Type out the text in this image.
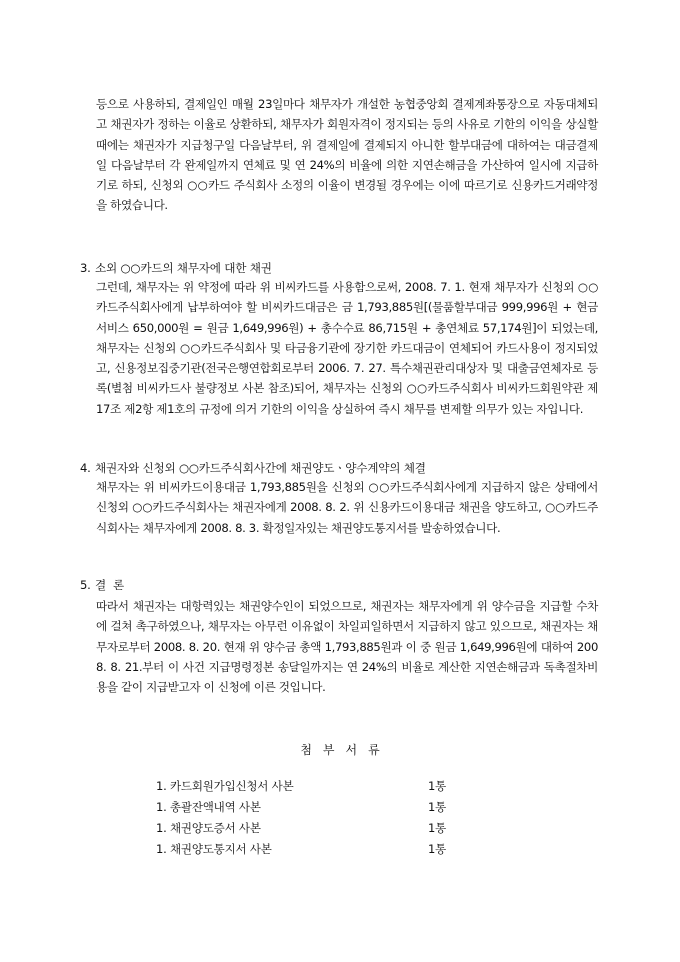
등으로 사용하되, 결제일인 매월 23일마다 채무자가 개설한 농협중앙회 결제계좌통장으로 자동대체되고 채권자가 정하는 이율로 상환하되, 채무자가 회원자격이 정지되는 등의 사유로 기한의 이익을 상실할 때에는 채권자가 지급청구일 다음날부터, 위 결제일에 결제되지 아니한 할부대금에 대하여는 대금결제일 다음날부터 각 완제일까지 연체료 및 연 24%의 비율에 의한 지연손해금을 가산하여 일시에 지급하기로 하되, 신청외 ○○카드 주식회사 소정의 이율이 변경될 경우에는 이에 따르기로 신용카드거래약정을 하였습니다.

3. 소외 ○○카드의 채무자에 대한 채권

그런데, 채무자는 위 약정에 따라 위 비씨카드를 사용함으로써, 2008. 7. 1. 현재 채무자가 신청외 ○○카드주식회사에게 납부하여야 할 비씨카드대금은 금 1,793,885원[(물품할부대금 999,996원 + 현금서비스 650,000원 = 원금 1,649,996원) + 총수수료 86,715원 + 총연체료 57,174원]이 되었는데, 채무자는 신청외 ○○카드주식회사 및 타금융기관에 장기한 카드대금이 연체되어 카드사용이 정지되었고, 신용정보집중기관(전국은행연합회로부터 2006. 7. 27. 특수채권관리대상자 및 대출금연체자로 등록(별첨 비씨카드사 불량정보 사본 참조)되어, 채무자는 신청외 ○○카드주식회사 비씨카드회원약관 제17조 제2항 제1호의 규정에 의거 기한의 이익을 상실하여 즉시 채무를 변제할 의무가 있는 자입니다.

4. 채권자와 신청외 ○○카드주식회사간에 채권양도ㆍ양수계약의 체결

채무자는 위 비씨카드이용대금 1,793,885원을 신청외 ○○카드주식회사에게 지급하지 않은 상태에서 신청외 ○○카드주식회사는 채권자에게 2008. 8. 2. 위 신용카드이용대금 채권을 양도하고, ○○카드주식회사는 채무자에게 2008. 8. 3. 확정일자있는 채권양도통지서를 발송하였습니다.

5. 결  론

따라서 채권자는 대항력있는 채권양수인이 되었으므로, 채권자는 채무자에게 위 양수금을 지급할 수차에 걸쳐 촉구하였으나, 채무자는 아무런 이유없이 차일피일하면서 지급하지 않고 있으므로, 채권자는 채무자로부터 2008. 8. 20. 현재 위 양수금 총액 1,793,885원과 이 중 원금 1,649,996원에 대하여 2008. 8. 21.부터 이 사건 지급명령정본 송달일까지는 연 24%의 비율로 계산한 지연손해금과 독촉절차비용을 같이 지급받고자 이 신청에 이른 것입니다.

첨부서류
1. 카드회원가입신청서 사본	1통
1. 총괄잔액내역 사본	1통
1. 채권양도증서 사본	1통
1. 채권양도통지서 사본	1통
